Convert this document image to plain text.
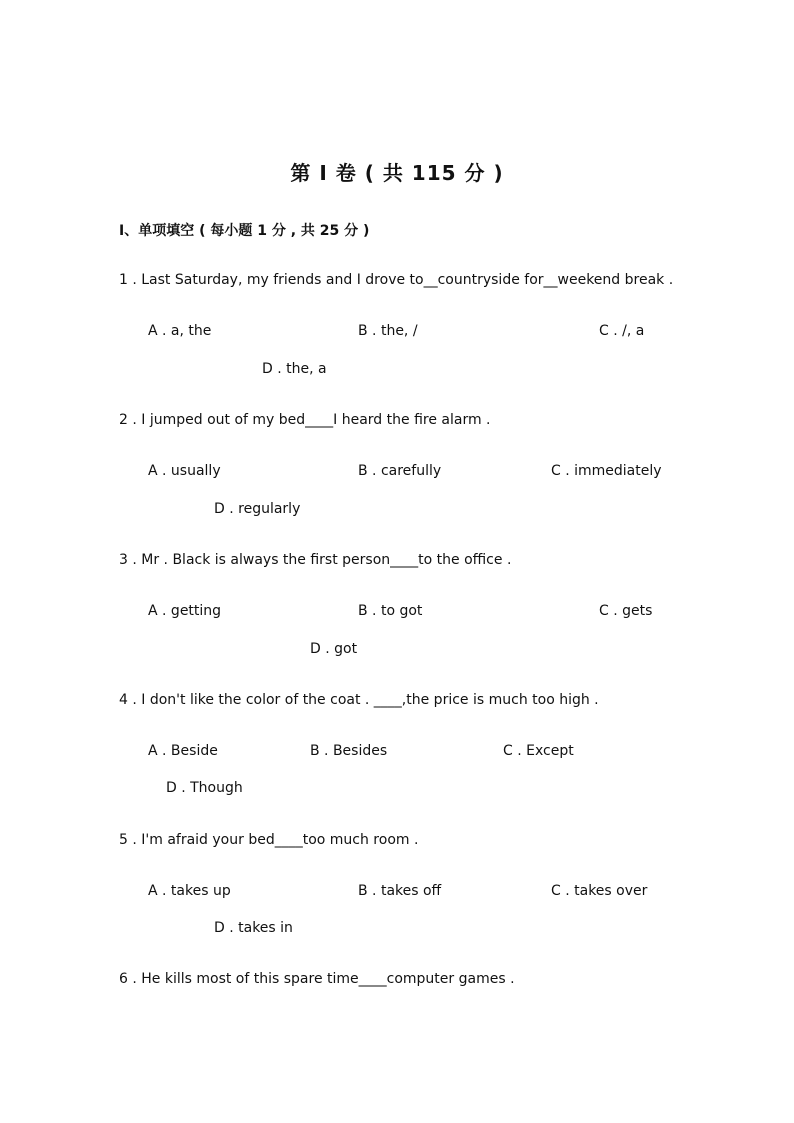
第 I 卷 ( 共 115 分 )
I、单项填空 ( 每小题 1 分 , 共 25 分 )
1 . Last Saturday, my friends and I drove to__countryside for__weekend break .
A . a, the	B . the, /	C . /, a
D . the, a
2 . I jumped out of my bed____I heard the fire alarm .
A . usually	B . carefully	C . immediately
D . regularly
3 . Mr . Black is always the first person____to the office .
A . getting	B . to got	C . gets
D . got
4 . I don't like the color of the coat . ____,the price is much too high .
A . Beside	B . Besides	C . Except
D . Though
5 . I'm afraid your bed____too much room .
A . takes up	B . takes off	C . takes over
D . takes in
6 . He kills most of this spare time____computer games .
